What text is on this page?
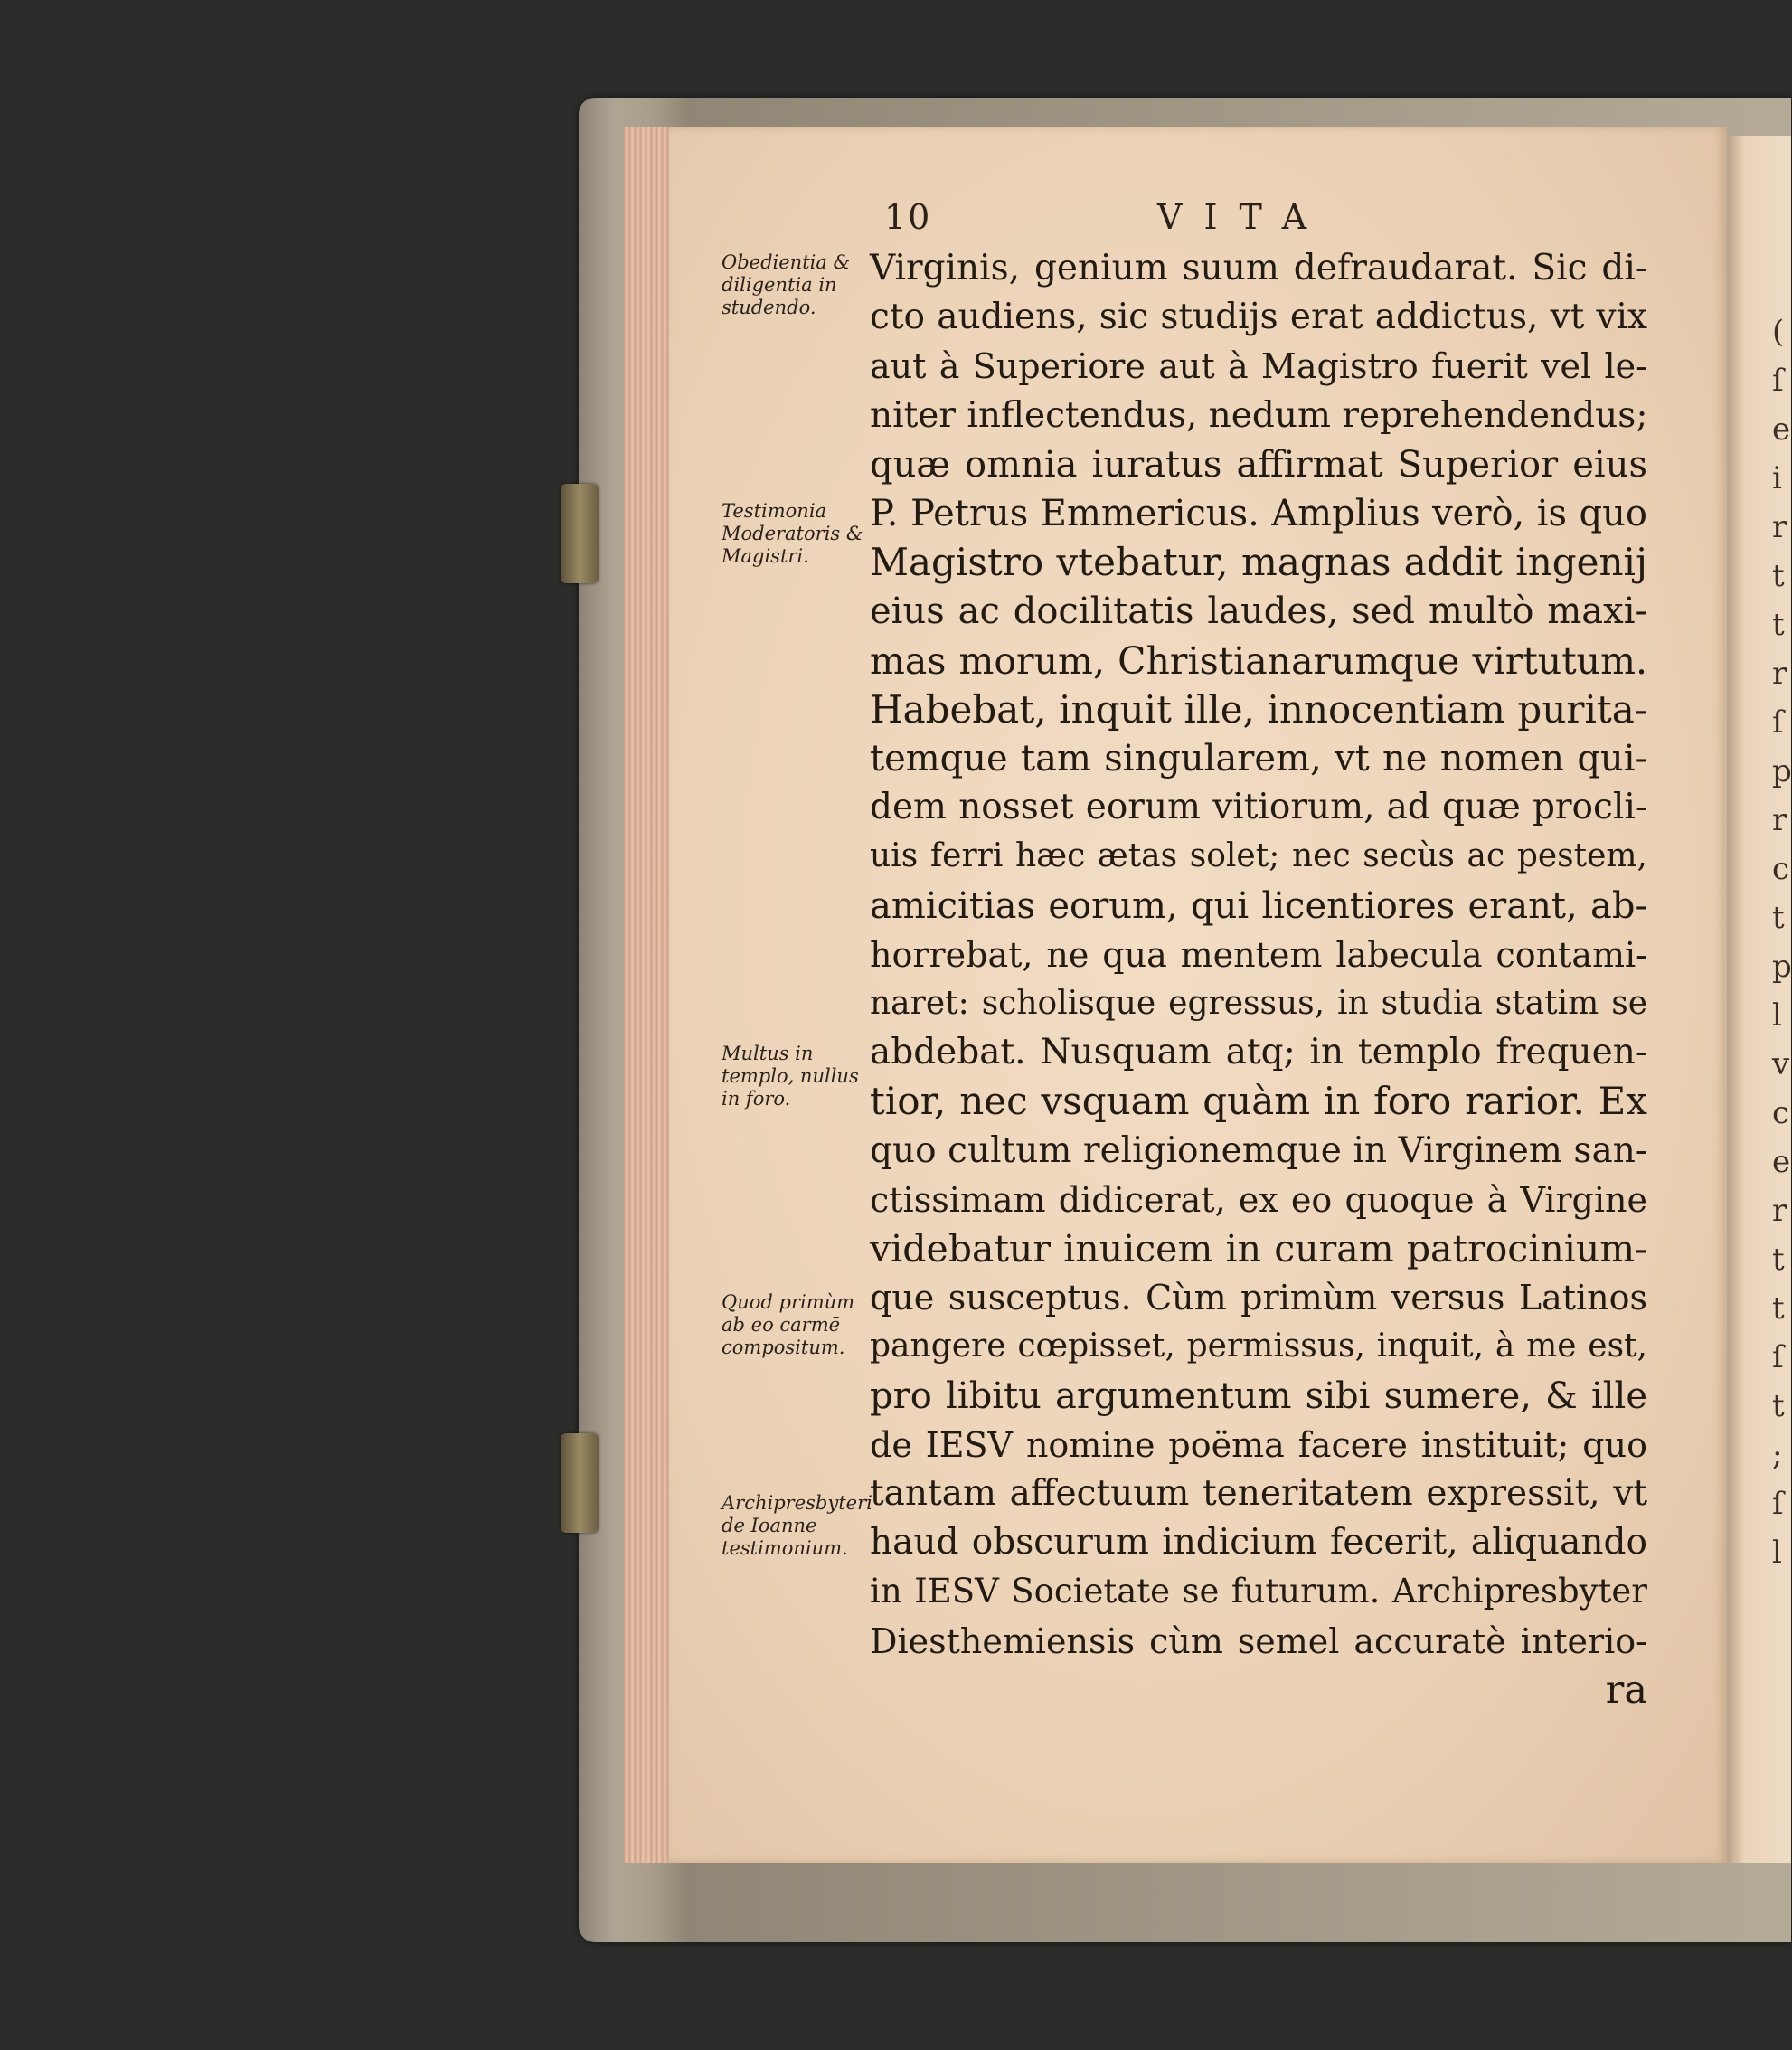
( ſ e i r t t r ſ p r c t p l v c e r t t ſ t ; ſ l
10	VITA
Obedientia & diligentia in studendo.
Testimonia Moderatoris & Magistri.
Multus in templo, nullus in foro.
Quod primùm ab eo carmē compositum.
Archipresbyteri de Ioanne testimonium.
Virginis, genium suum defraudarat. Sic di-
cto audiens, sic studijs erat addictus, vt vix
aut à Superiore aut à Magistro fuerit vel le-
niter inflectendus, nedum reprehendendus;
quæ omnia iuratus affirmat Superior eius
P. Petrus Emmericus. Amplius verò, is quo
Magistro vtebatur, magnas addit ingenij
eius ac docilitatis laudes, sed multò maxi-
mas morum, Christianarumque virtutum.
Habebat, inquit ille, innocentiam purita-
temque tam singularem, vt ne nomen qui-
dem nosset eorum vitiorum, ad quæ procli-
uis ferri hæc ætas solet; nec secùs ac pestem,
amicitias eorum, qui licentiores erant, ab-
horrebat, ne qua mentem labecula contami-
naret: scholisque egressus, in studia statim se
abdebat. Nusquam atq; in templo frequen-
tior, nec vsquam quàm in foro rarior. Ex
quo cultum religionemque in Virginem san-
ctissimam didicerat, ex eo quoque à Virgine
videbatur inuicem in curam patrocinium-
que susceptus. Cùm primùm versus Latinos
pangere cœpisset, permissus, inquit, à me est,
pro libitu argumentum sibi sumere, & ille
de IESV nomine poëma facere instituit; quo
tantam affectuum teneritatem expressit, vt
haud obscurum indicium fecerit, aliquando
in IESV Societate se futurum. Archipresbyter
Diesthemiensis cùm semel accuratè interio-
ra
